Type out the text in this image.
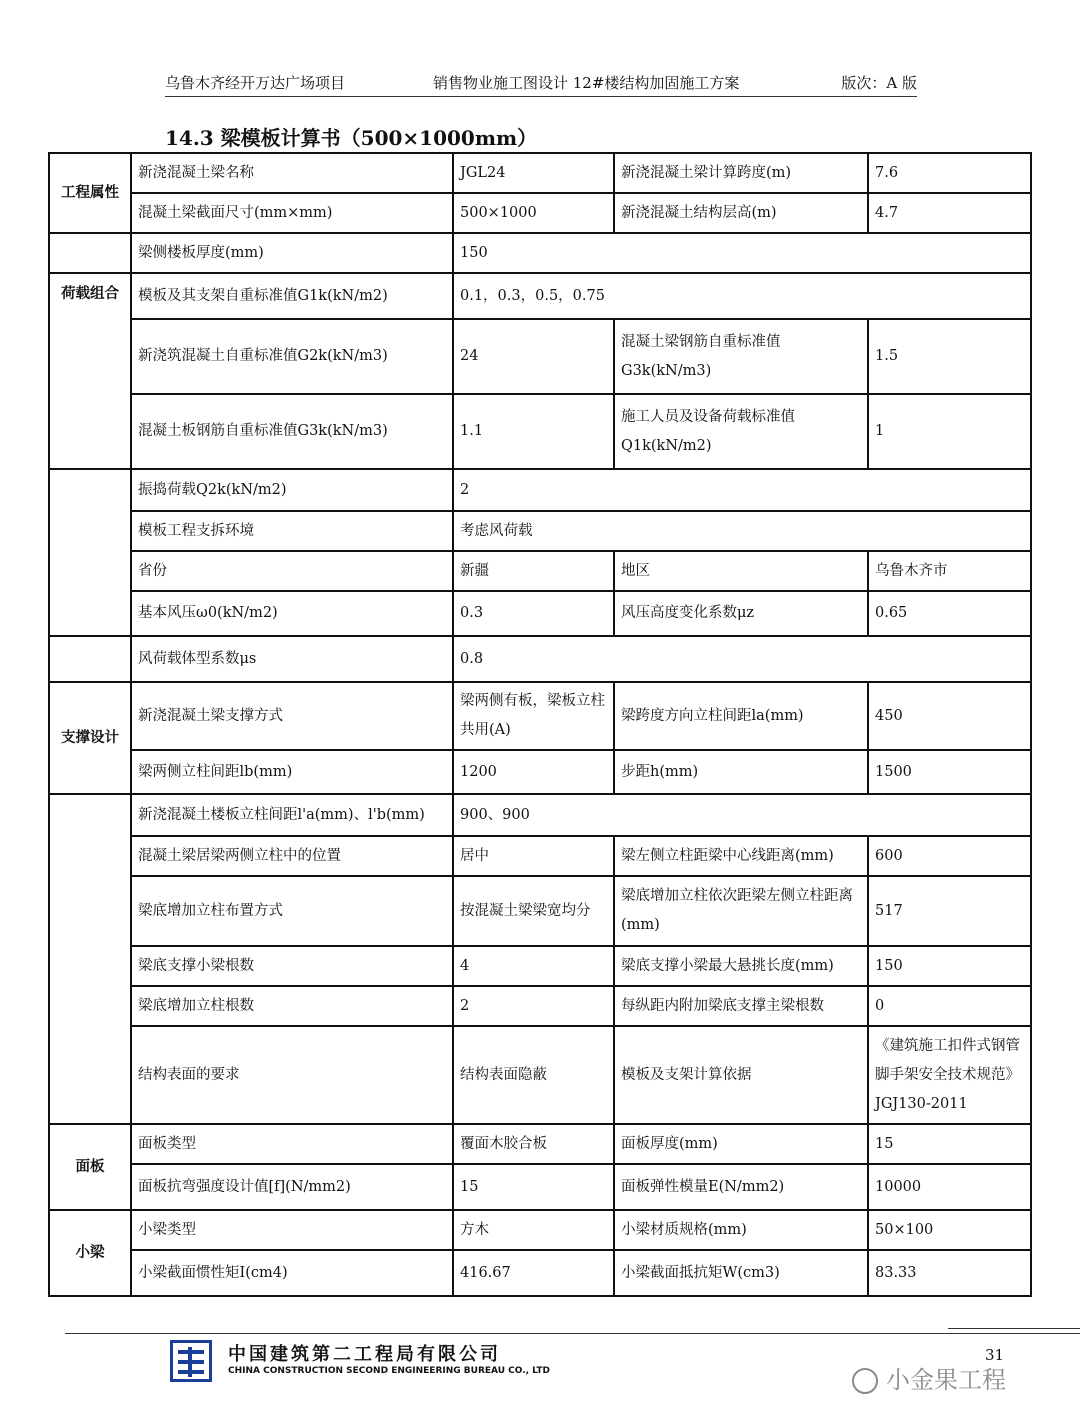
乌鲁木齐经开万达广场项目	销售物业施工图设计 12#楼结构加固施工方案	版次：A 版
14.3 梁模板计算书（500×1000mm）
工程属性	新浇混凝土梁名称	JGL24	新浇混凝土梁计算跨度(m)	7.6
	混凝土梁截面尺寸(mm×mm)	500×1000	新浇混凝土结构层高(m)	4.7
	梁侧楼板厚度(mm)	150		
荷载组合	模板及其支架自重标准值G1k(kN/m2)	0.1，0.3，0.5，0.75		
	新浇筑混凝土自重标准值G2k(kN/m3)	24	混凝土梁钢筋自重标准值G3k(kN/m3)	1.5
	混凝土板钢筋自重标准值G3k(kN/m3)	1.1	施工人员及设备荷载标准值Q1k(kN/m2)	1
	振捣荷载Q2k(kN/m2)	2		
	模板工程支拆环境	考虑风荷载		
	省份	新疆	地区	乌鲁木齐市
	基本风压ω0(kN/m2)	0.3	风压高度变化系数μz	0.65
	风荷载体型系数μs	0.8		
支撑设计	新浇混凝土梁支撑方式	梁两侧有板，梁板立柱共用(A)	梁跨度方向立柱间距la(mm)	450
	梁两侧立柱间距lb(mm)	1200	步距h(mm)	1500
	新浇混凝土楼板立柱间距l'a(mm)、l'b(mm)	900、900		
	混凝土梁居梁两侧立柱中的位置	居中	梁左侧立柱距梁中心线距离(mm)	600
	梁底增加立柱布置方式	按混凝土梁梁宽均分	梁底增加立柱依次距梁左侧立柱距离(mm)	517
	梁底支撑小梁根数	4	梁底支撑小梁最大悬挑长度(mm)	150
	梁底增加立柱根数	2	每纵距内附加梁底支撑主梁根数	0
	结构表面的要求	结构表面隐蔽	模板及支架计算依据	《建筑施工扣件式钢管脚手架安全技术规范》JGJ130-2011
面板	面板类型	覆面木胶合板	面板厚度(mm)	15
	面板抗弯强度设计值[f](N/mm2)	15	面板弹性模量E(N/mm2)	10000
小梁	小梁类型	方木	小梁材质规格(mm)	50×100
	小梁截面惯性矩I(cm4)	416.67	小梁截面抵抗矩W(cm3)	83.33
中国建筑第二工程局有限公司
CHINA CONSTRUCTION SECOND ENGINEERING BUREAU CO., LTD
31
小金果工程
